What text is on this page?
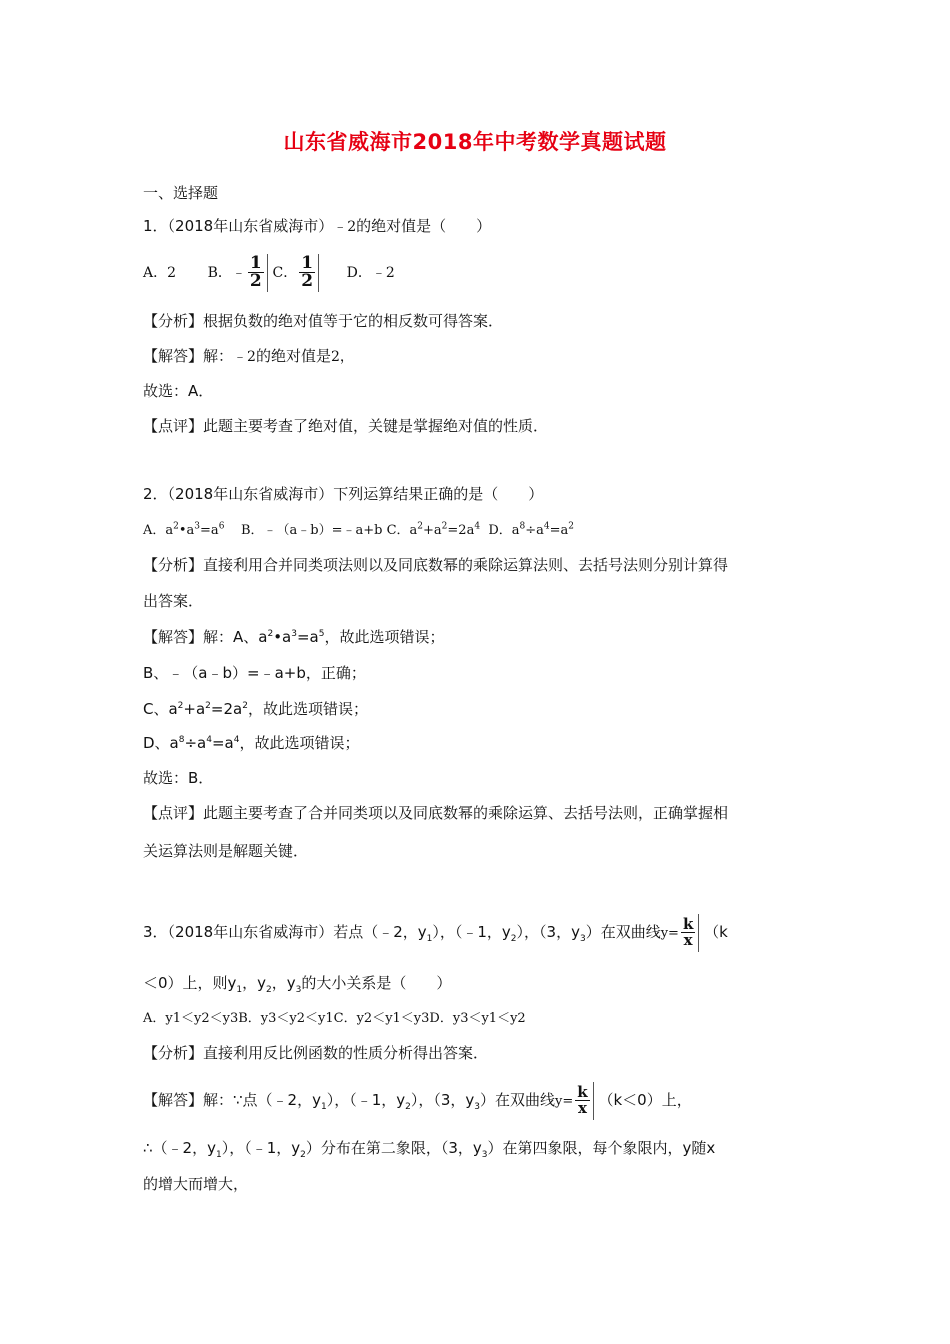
山东省威海市2018年中考数学真题试题
一、选择题
1．（2018年山东省威海市）﹣2的绝对值是（　　）
A．2 B．﹣ $\frac{1}{2}$ C． $\frac{1}{2}$ D．﹣2
【分析】根据负数的绝对值等于它的相反数可得答案．
【解答】解：﹣2的绝对值是2，
故选：A．
【点评】此题主要考查了绝对值，关键是掌握绝对值的性质．
2．（2018年山东省威海市）下列运算结果正确的是（　　）
A．$a^2•a^3=a^6$ B．﹣（a﹣b）=﹣a+b C．$a^2+a^2=2a^4$ D．$a^8\div a^4=a^2$
【分析】直接利用合并同类项法则以及同底数幂的乘除运算法则、去括号法则分别计算得
出答案．
【解答】解：A、$a^2•a^3=a^5$，故此选项错误；
B、﹣（a﹣b）=﹣a+b，正确；
C、$a^2+a^2=2a^2$，故此选项错误；
D、$a^8\div a^4=a^4$，故此选项错误；
故选：B．
【点评】此题主要考查了合并同类项以及同底数幂的乘除运算、去括号法则，正确掌握相
关运算法则是解题关键．
3．（2018年山东省威海市）若点（﹣2，$y_1$），（﹣1，$y_2$），（3，$y_3$）在双曲线$y= \frac{k}{x} (k$
＜0）上，则$y_1$，$y_2$，$y_3$的大小关系是（　　）
A．y1＜y2＜y3B．y3＜y2＜y1C．y2＜y1＜y3D．y3＜y1＜y2
【分析】直接利用反比例函数的性质分析得出答案．
【解答】解：∵点（﹣2，$y_1$），（﹣1，$y_2$），（3，$y_3$）在双曲线$y= \frac{k}{x} (k<0)$上，
∴（﹣2，$y_1$），（﹣1，$y_2$）分布在第二象限，（3，$y_3$）在第四象限，每个象限内，y随x
的增大而增大，
